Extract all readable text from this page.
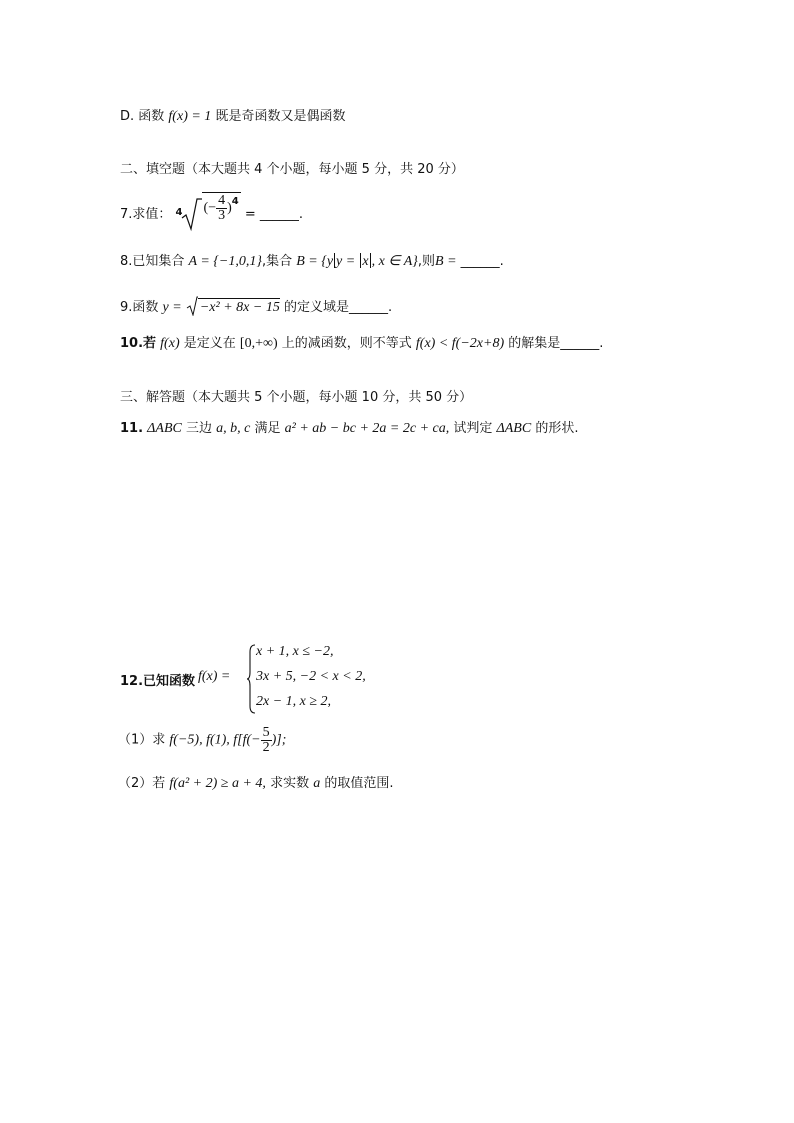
D. 函数 f(x) = 1 既是奇函数又是偶函数
二、填空题（本大题共 4 个小题，每小题 5 分，共 20 分）
7.求值： 4 (− $\frac{4}{3} )^4$ = ______.
8.已知集合 A = {−1,0,1},集合 B = {y y = x , x ∈ A},则B = ______.
9.函数 y = −x² + 8x − 15 的定义域是______.
10.若 f(x) 是定义在 [0,+∞) 上的减函数，则不等式 f(x) < f(−2x+8) 的解集是______.
三、解答题（本大题共 5 个小题，每小题 10 分，共 50 分）
11. ΔABC 三边 a, b, c 满足 a² + ab − bc + 2a = 2c + ca, 试判定 ΔABC 的形状.
12.已知函数 f(x) =
x + 1, x ≤ −2,
3x + 5, −2 < x < 2,
2x − 1, x ≥ 2,
（1）求 f(−5), f(1), $f[f(- \frac{5}{2}$ )];
（2）若 f(a² + 2) ≥ a + 4, 求实数 a 的取值范围.
